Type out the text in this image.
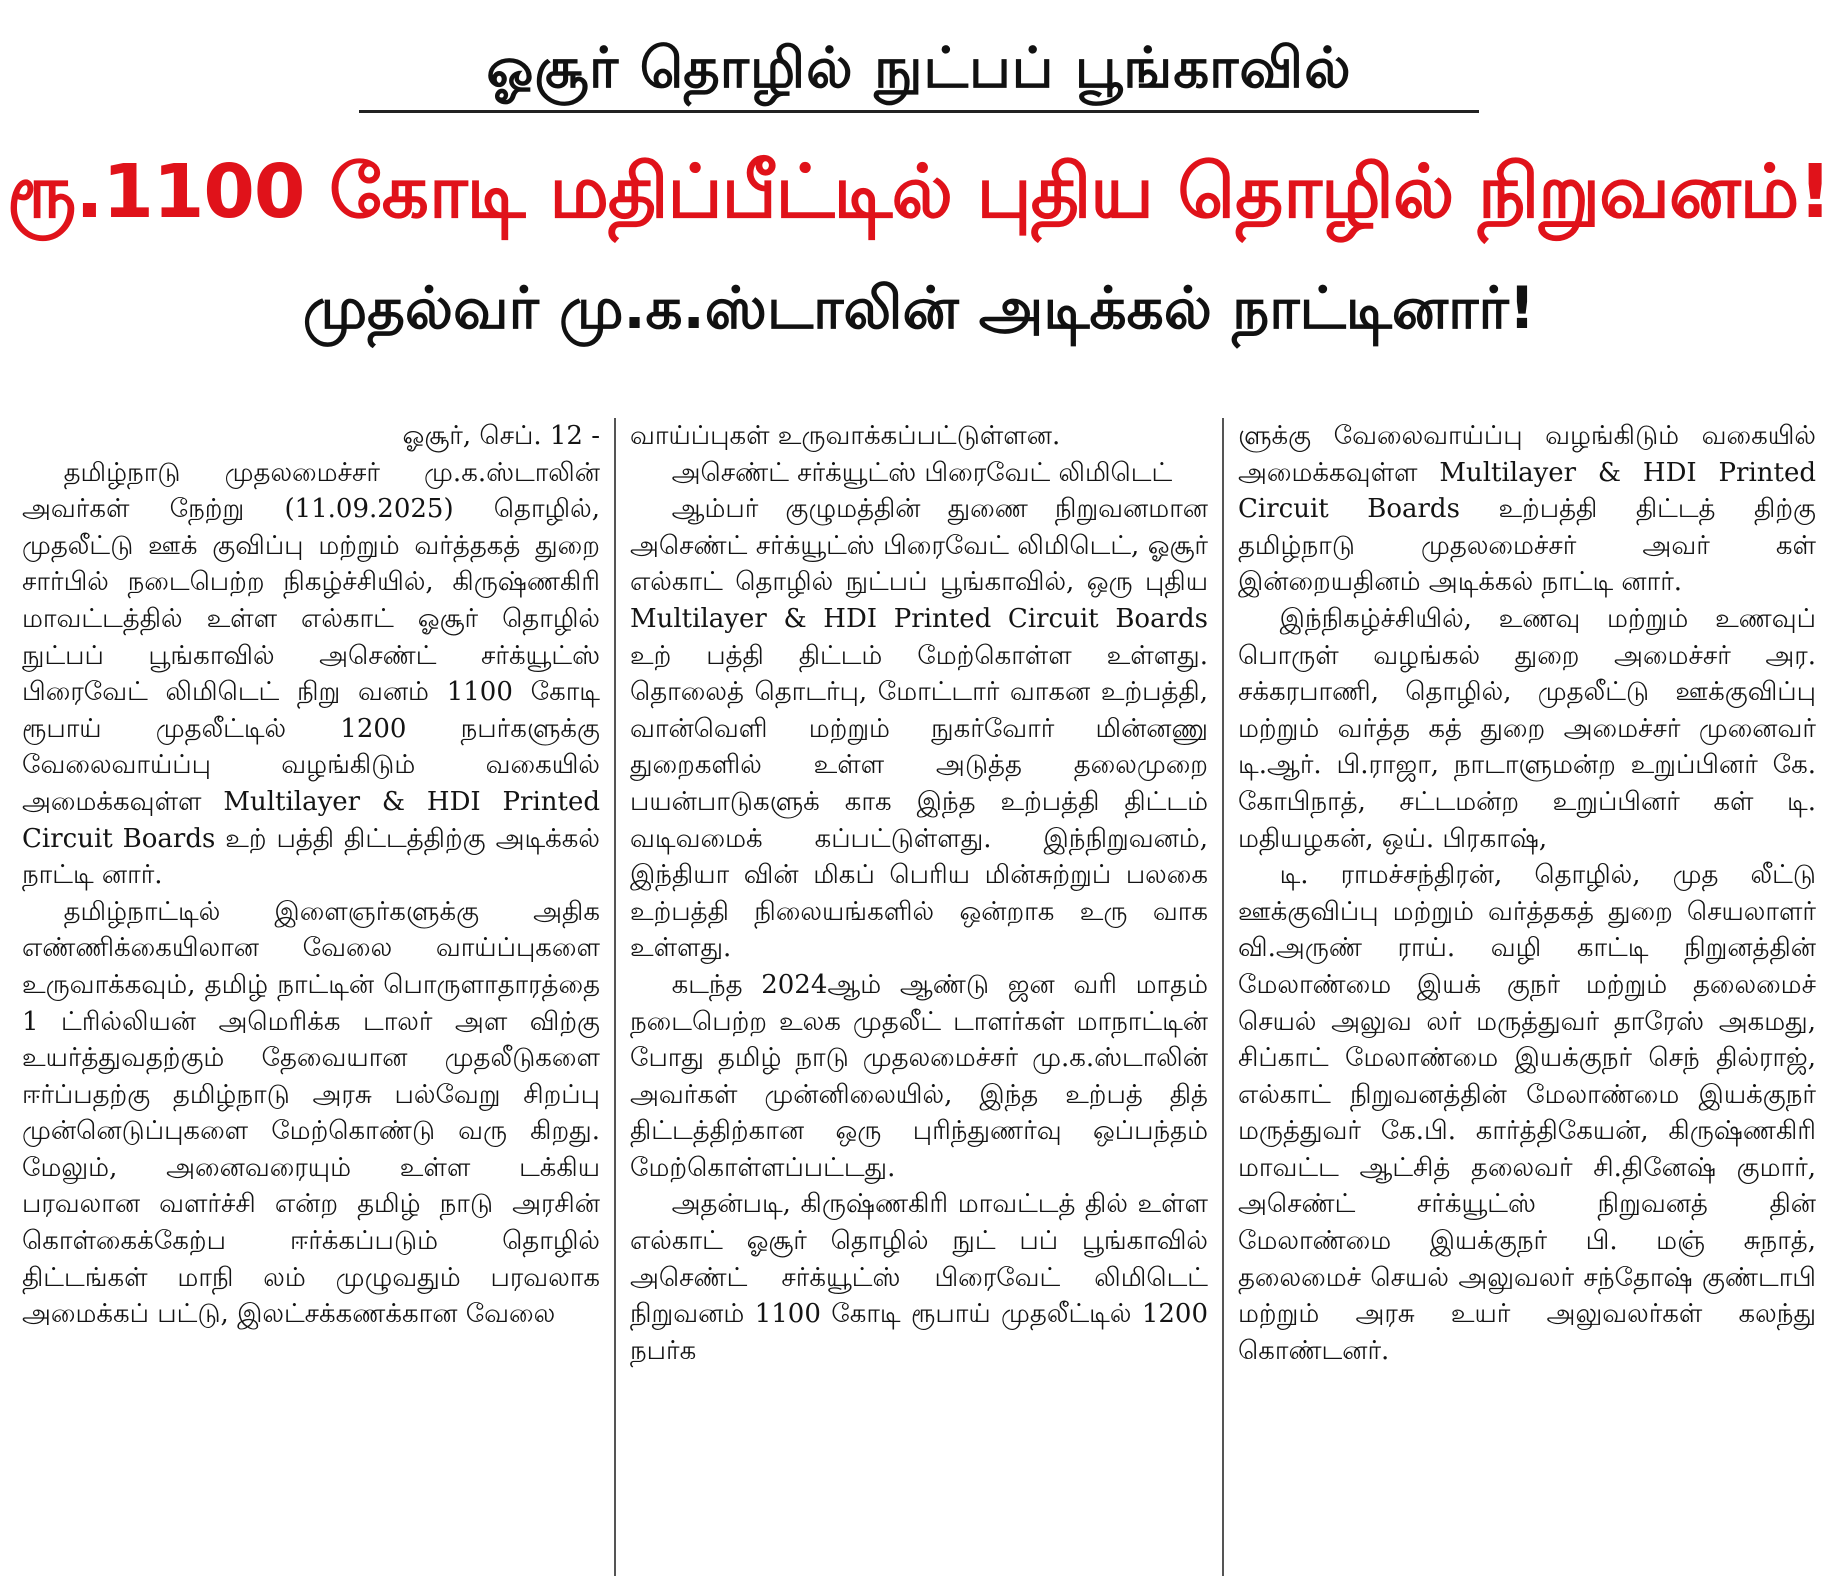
ஓசூர் தொழில் நுட்பப் பூங்காவில்
ரூ.1100 கோடி மதிப்பீட்டில் புதிய தொழில் நிறுவனம்!
முதல்வர் மு.க.ஸ்டாலின் அடிக்கல் நாட்டினார்!

ஓசூர், செப். 12 -

தமிழ்நாடு முதலமைச்சர் மு.க.ஸ்டாலின் அவர்கள் நேற்று (11.09.2025) தொழில், முதலீட்டு ஊக் குவிப்பு மற்றும் வர்த்தகத் துறை சார்பில் நடைபெற்ற நிகழ்ச்சியில், கிருஷ்ணகிரி மாவட்டத்தில் உள்ள எல்காட் ஓசூர் தொழில் நுட்பப் பூங்காவில் அசெண்ட் சர்க்யூட்ஸ் பிரைவேட் லிமிடெட் நிறு வனம் 1100 கோடி ரூபாய் முதலீட்டில் 1200 நபர்களுக்கு வேலைவாய்ப்பு வழங்கிடும் வகையில் அமைக்கவுள்ள Multilayer & HDI Printed Circuit Boards உற் பத்தி திட்டத்திற்கு அடிக்கல் நாட்டி னார்.

தமிழ்நாட்டில் இளைஞர்களுக்கு அதிக எண்ணிக்கையிலான வேலை வாய்ப்புகளை உருவாக்கவும், தமிழ் நாட்டின் பொருளாதாரத்தை 1 ட்ரில்லியன் அமெரிக்க டாலர் அள விற்கு உயர்த்துவதற்கும் தேவையான முதலீடுகளை ஈர்ப்பதற்கு தமிழ்நாடு அரசு பல்வேறு சிறப்பு முன்னெடுப்புகளை மேற்கொண்டு வரு கிறது. மேலும், அனைவரையும் உள்ள டக்கிய பரவலான வளர்ச்சி என்ற தமிழ் நாடு அரசின் கொள்கைக்கேற்ப ஈர்க்கப்படும் தொழில் திட்டங்கள் மாநி லம் முழுவதும் பரவலாக அமைக்கப் பட்டு, இலட்சக்கணக்கான வேலை

வாய்ப்புகள் உருவாக்கப்பட்டுள்ளன.

அசெண்ட் சர்க்யூட்ஸ் பிரைவேட் லிமிடெட்

ஆம்பர் குழுமத்தின் துணை நிறுவனமான அசெண்ட் சர்க்யூட்ஸ் பிரைவேட் லிமிடெட், ஓசூர் எல்காட் தொழில் நுட்பப் பூங்காவில், ஒரு புதிய Multilayer & HDI Printed Circuit Boards உற் பத்தி திட்டம் மேற்கொள்ள உள்ளது. தொலைத் தொடர்பு, மோட்டார் வாகன உற்பத்தி, வான்வெளி மற்றும் நுகர்வோர் மின்னணு துறைகளில் உள்ள அடுத்த தலைமுறை பயன்பாடுகளுக் காக இந்த உற்பத்தி திட்டம் வடிவமைக் கப்பட்டுள்ளது. இந்நிறுவனம், இந்தியா வின் மிகப் பெரிய மின்சுற்றுப் பலகை உற்பத்தி நிலையங்களில் ஒன்றாக உரு வாக உள்ளது.

கடந்த 2024ஆம் ஆண்டு ஜன வரி மாதம் நடைபெற்ற உலக முதலீட் டாளர்கள் மாநாட்டின் போது தமிழ் நாடு முதலமைச்சர் மு.க.ஸ்டாலின் அவர்கள் முன்னிலையில், இந்த உற்பத் தித் திட்டத்திற்கான ஒரு புரிந்துணர்வு ஒப்பந்தம் மேற்கொள்ளப்பட்டது.

அதன்படி, கிருஷ்ணகிரி மாவட்டத் தில் உள்ள எல்காட் ஓசூர் தொழில் நுட் பப் பூங்காவில் அசெண்ட் சர்க்யூட்ஸ் பிரைவேட் லிமிடெட் நிறுவனம் 1100 கோடி ரூபாய் முதலீட்டில் 1200 நபர்க

ளுக்கு வேலைவாய்ப்பு வழங்கிடும் வகையில் அமைக்கவுள்ள Multilayer & HDI Printed Circuit Boards உற்பத்தி திட்டத் திற்கு தமிழ்நாடு முதலமைச்சர் அவர் கள் இன்றையதினம் அடிக்கல் நாட்டி னார்.

இந்நிகழ்ச்சியில், உணவு மற்றும் உணவுப் பொருள் வழங்கல் துறை அமைச்சர் அர. சக்கரபாணி, தொழில், முதலீட்டு ஊக்குவிப்பு மற்றும் வர்த்த கத் துறை அமைச்சர் முனைவர் டி.ஆர். பி.ராஜா, நாடாளுமன்ற உறுப்பினர் கே. கோபிநாத், சட்டமன்ற உறுப்பினர் கள் டி. மதியழகன், ஒய். பிரகாஷ்,

டி. ராமச்சந்திரன், தொழில், முத லீட்டு ஊக்குவிப்பு மற்றும் வர்த்தகத் துறை செயலாளர் வி.அருண் ராய். வழி காட்டி நிறுனத்தின் மேலாண்மை இயக் குநர் மற்றும் தலைமைச் செயல் அலுவ லர் மருத்துவர் தாரேஸ் அகமது, சிப்காட் மேலாண்மை இயக்குநர் செந் தில்ராஜ், எல்காட் நிறுவனத்தின் மேலாண்மை இயக்குநர் மருத்துவர் கே.பி. கார்த்திகேயன், கிருஷ்ணகிரி மாவட்ட ஆட்சித் தலைவர் சி.தினேஷ் குமார், அசெண்ட் சர்க்யூட்ஸ் நிறுவனத் தின் மேலாண்மை இயக்குநர் பி. மஞ் சுநாத், தலைமைச் செயல் அலுவலர் சந்தோஷ் குண்டாபி மற்றும் அரசு உயர் அலுவலர்கள் கலந்து கொண்டனர்.
